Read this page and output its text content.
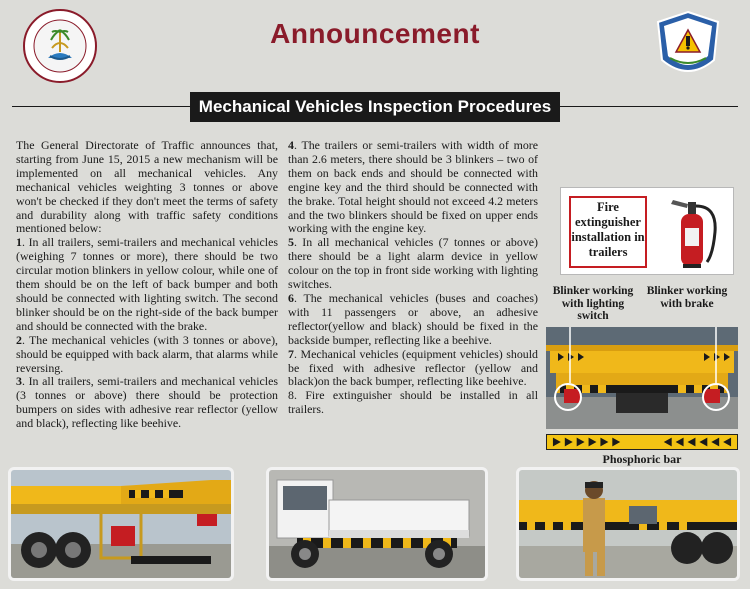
Announcement
Mechanical Vehicles Inspection Procedures

The General Directorate of Traffic announces that, starting from June 15, 2015 a new mechanism will be implemented on all mechanical vehicles. Any mechanical vehicles weighting 3 tonnes or above won't be checked if they don't meet the terms of safety and durability along with traffic safety conditions mentioned below:

1. In all trailers, semi-trailers and mechanical vehicles (weighing 7 tonnes or more), there should be two circular motion blinkers in yellow colour, while one of them should be on the left of back bumper and both should be connected with lighting switch. The second blinker should be on the right-side of the back bumper and should be connected with the brake.

2. The mechanical vehicles (with 3 tonnes or above), should be equipped with back alarm, that alarms while reversing.

3. In all trailers, semi-trailers and mechanical vehicles (3 tonnes or above) there should be protection bumpers on sides with adhesive rear reflector (yellow and black), reflecting like beehive.

4. The trailers or semi-trailers with width of more than 2.6 meters, there should be 3 blinkers – two of them on back ends and should be connected with engine key and the third should be connected with the brake. Total height should not exceed 4.2 meters and the two blinkers should be fixed on upper ends working with the engine key.

5. In all mechanical vehicles (7 tonnes or above) there should be a light alarm device in yellow colour on the top in front side working with lighting switches.

6. The mechanical vehicles (buses and coaches) with 11 passengers or above, an adhesive reflector(yellow and black) should be fixed in the backside bumper, reflecting like a beehive.

7. Mechanical vehicles (equipment vehicles) should be fixed with adhesive reflector (yellow and black)on the back bumper, reflecting like beehive.

8. Fire extinguisher should be installed in all trailers.

Fire extinguisher installation in trailers
Blinker working with lighting switch
Blinker working with brake
Phosphoric bar
